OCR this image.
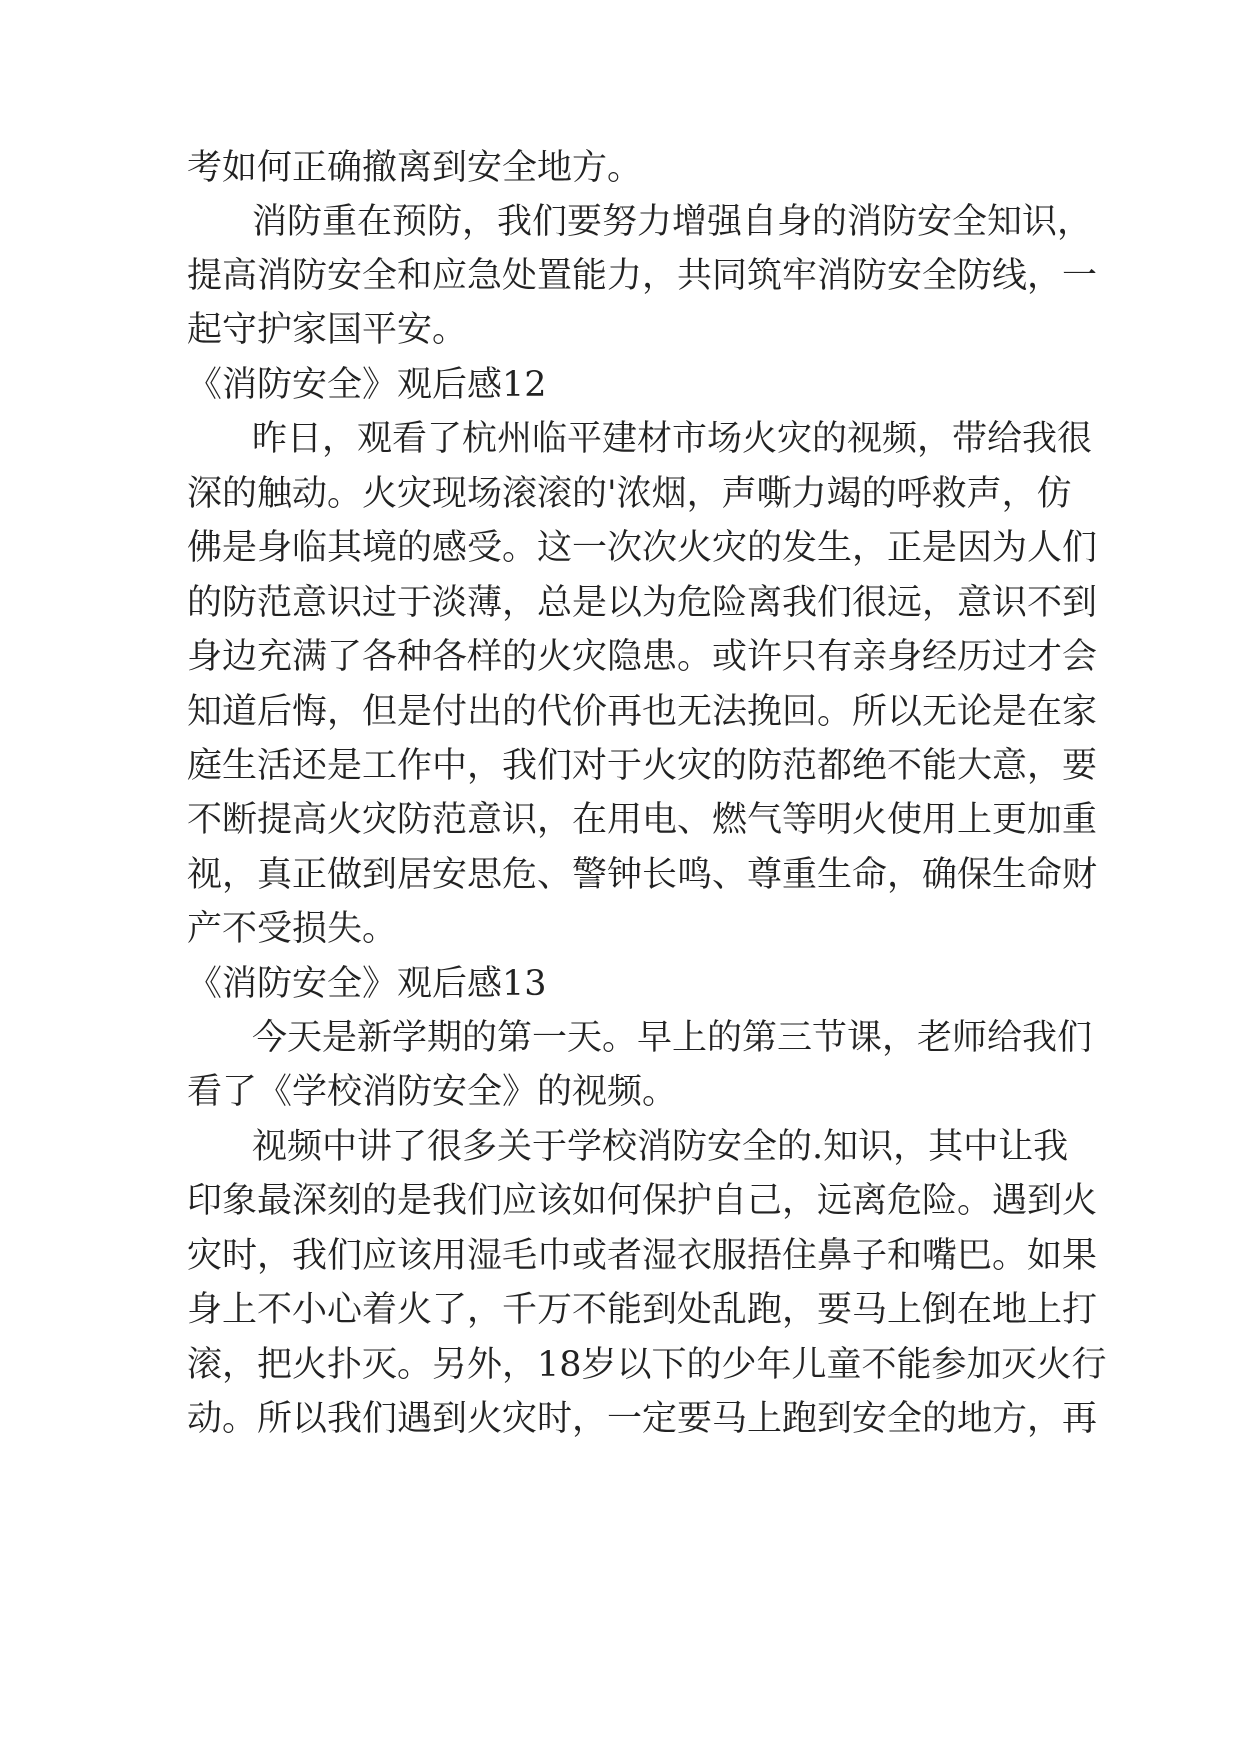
考如何正确撤离到安全地方。
消防重在预防，我们要努力增强自身的消防安全知识，
提高消防安全和应急处置能力，共同筑牢消防安全防线，一
起守护家国平安。
《消防安全》观后感12
昨日，观看了杭州临平建材市场火灾的视频，带给我很
深的触动。火灾现场滚滚的'浓烟，声嘶力竭的呼救声，仿
佛是身临其境的感受。这一次次火灾的发生，正是因为人们
的防范意识过于淡薄，总是以为危险离我们很远，意识不到
身边充满了各种各样的火灾隐患。或许只有亲身经历过才会
知道后悔，但是付出的代价再也无法挽回。所以无论是在家
庭生活还是工作中，我们对于火灾的防范都绝不能大意，要
不断提高火灾防范意识，在用电、燃气等明火使用上更加重
视，真正做到居安思危、警钟长鸣、尊重生命，确保生命财
产不受损失。
《消防安全》观后感13
今天是新学期的第一天。早上的第三节课，老师给我们
看了《学校消防安全》的视频。
视频中讲了很多关于学校消防安全的.知识，其中让我
印象最深刻的是我们应该如何保护自己，远离危险。遇到火
灾时，我们应该用湿毛巾或者湿衣服捂住鼻子和嘴巴。如果
身上不小心着火了，千万不能到处乱跑，要马上倒在地上打
滚，把火扑灭。另外，18岁以下的少年儿童不能参加灭火行
动。所以我们遇到火灾时，一定要马上跑到安全的地方，再
